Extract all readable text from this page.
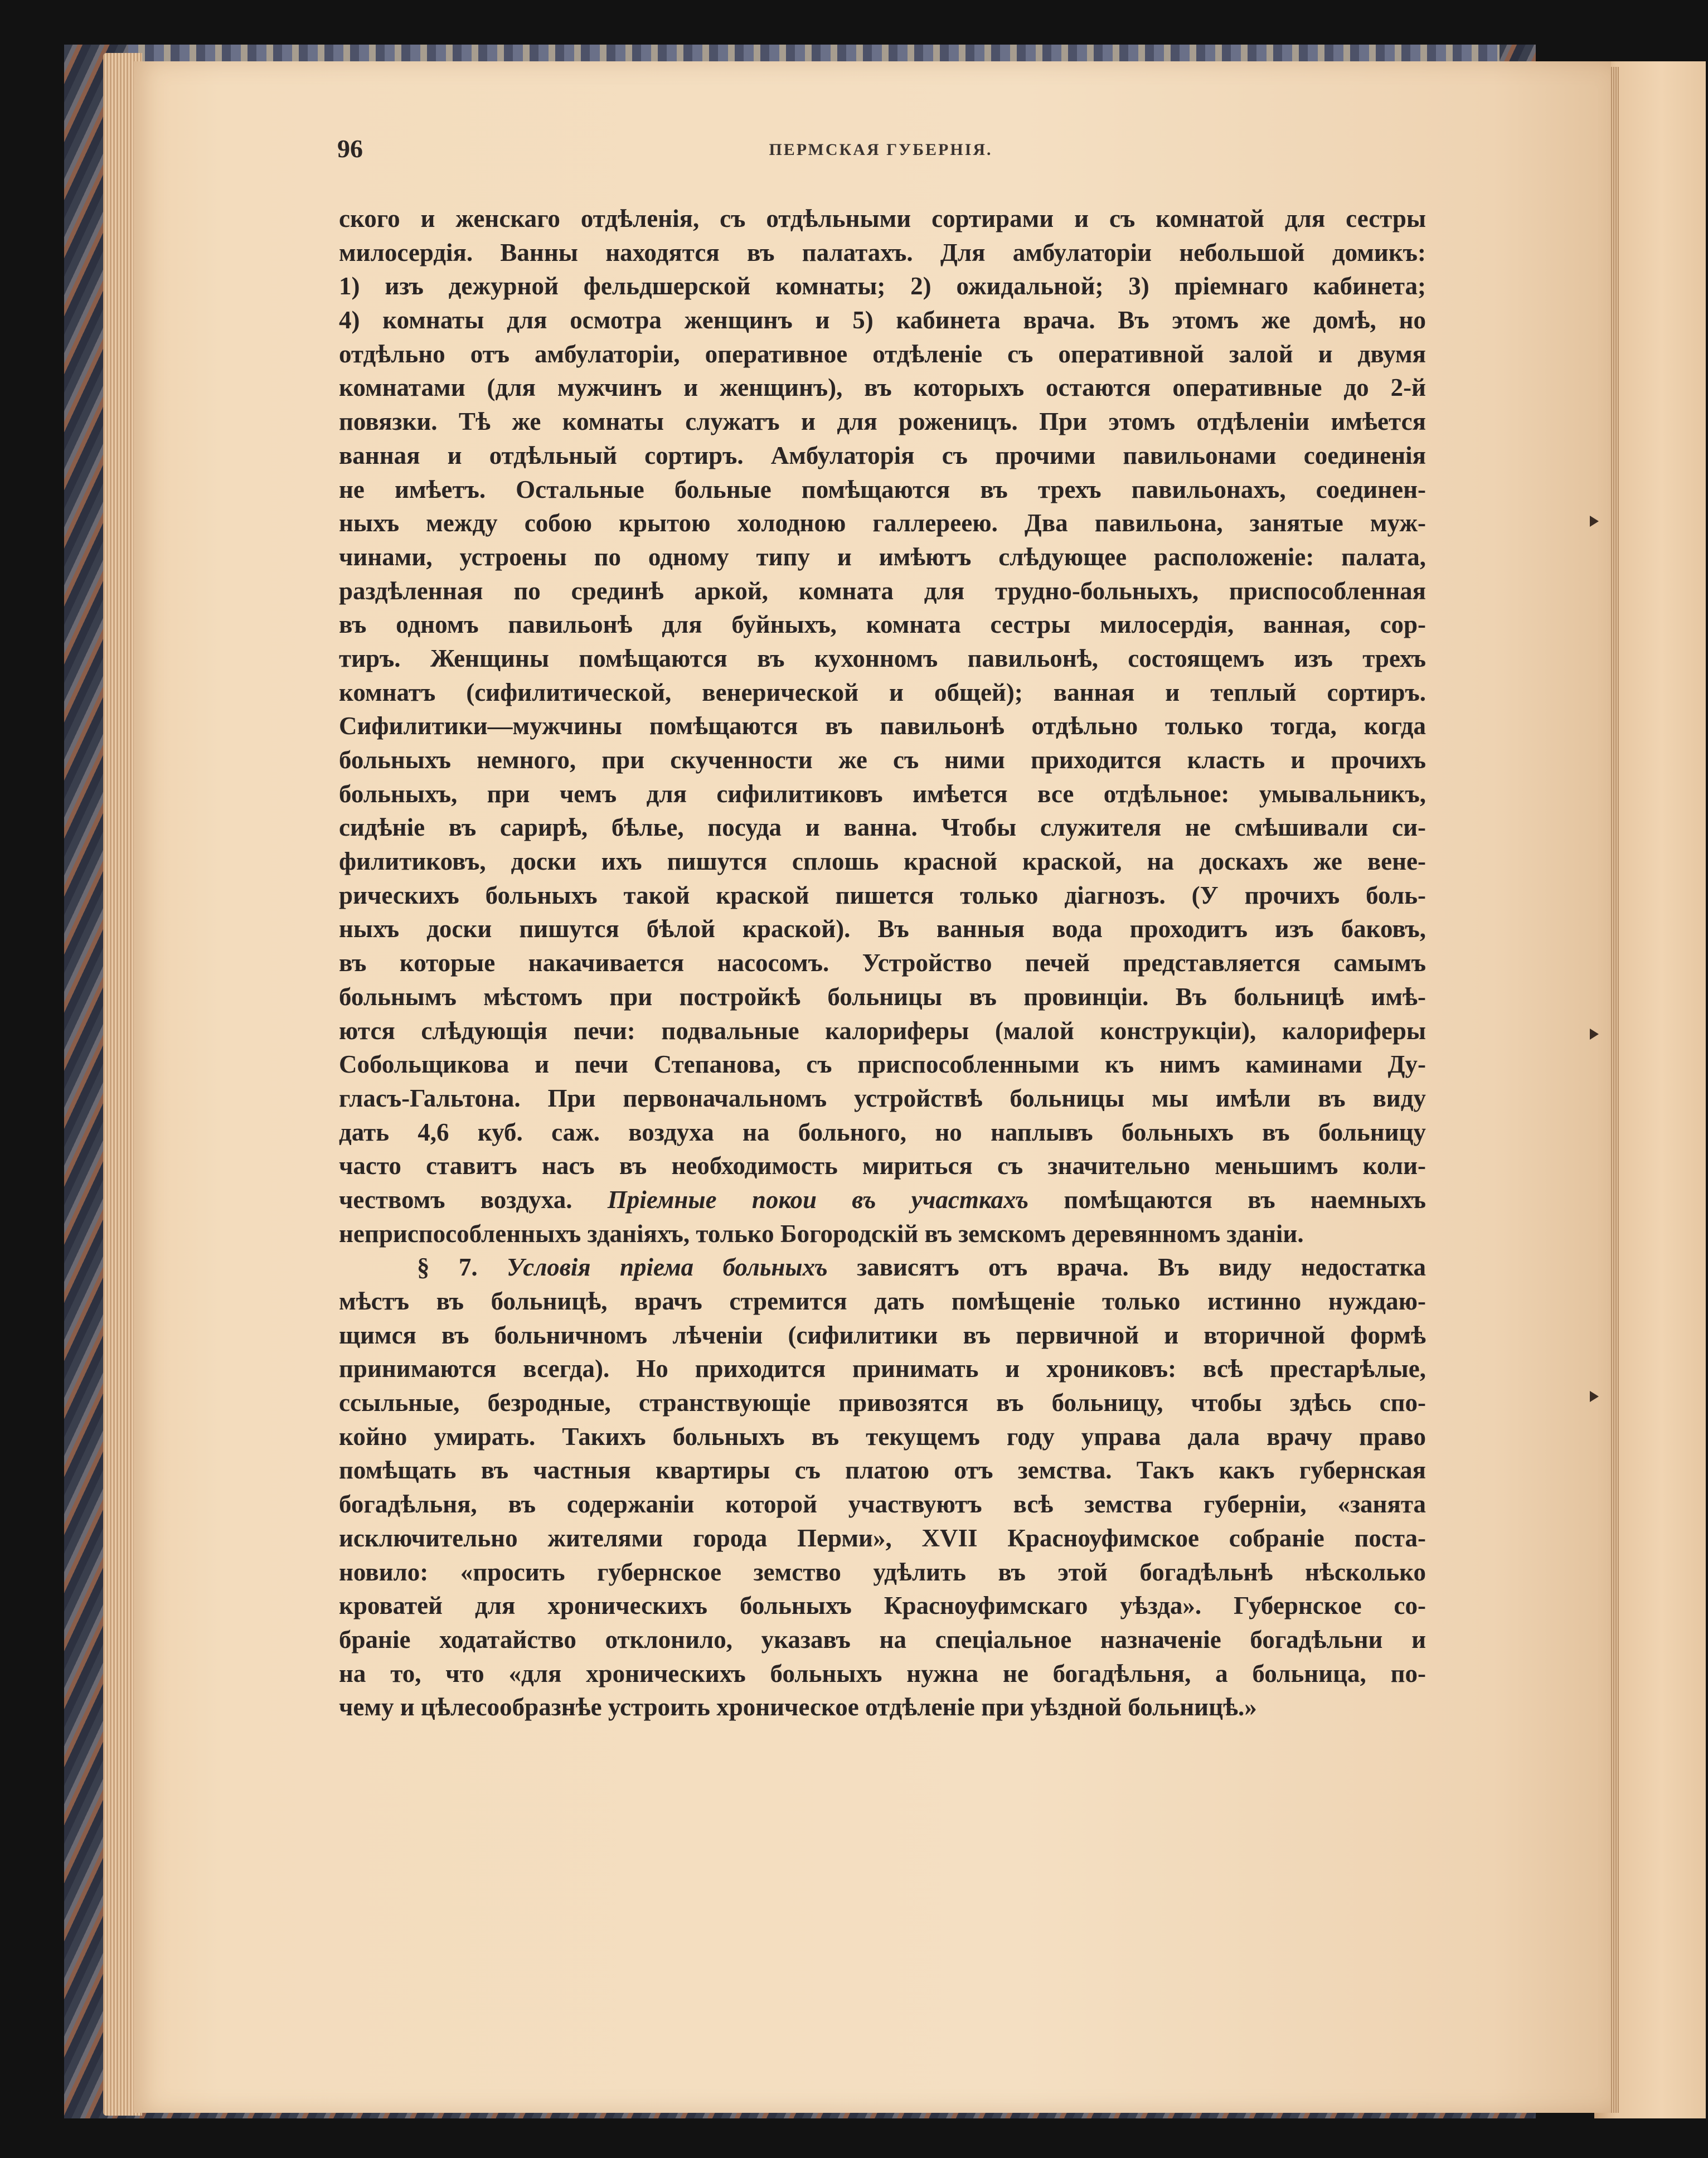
96	ПЕРМСКАЯ ГУБЕРНІЯ.
ского и женскаго отдѣленія, съ отдѣльными сортирами и съ комнатой для сестры
милосердія. Ванны находятся въ палатахъ. Для амбулаторіи небольшой домикъ:
1) изъ дежурной фельдшерской комнаты; 2) ожидальной; 3) пріемнаго кабинета;
4) комнаты для осмотра женщинъ и 5) кабинета врача. Въ этомъ же домѣ, но
отдѣльно отъ амбулаторіи, оперативное отдѣленіе съ оперативной залой и двумя
комнатами (для мужчинъ и женщинъ), въ которыхъ остаются оперативные до 2-й
повязки. Тѣ же комнаты служатъ и для роженицъ. При этомъ отдѣленіи имѣется
ванная и отдѣльный сортиръ. Амбулаторія съ прочими павильонами соединенія
не имѣетъ. Остальные больные помѣщаются въ трехъ павильонахъ, соединен-
ныхъ между собою крытою холодною галлереею. Два павильона, занятые муж-
чинами, устроены по одному типу и имѣютъ слѣдующее расположеніе: палата,
раздѣленная по срединѣ аркой, комната для трудно-больныхъ, приспособленная
въ одномъ павильонѣ для буйныхъ, комната сестры милосердія, ванная, сор-
тиръ. Женщины помѣщаются въ кухонномъ павильонѣ, состоящемъ изъ трехъ
комнатъ (сифилитической, венерической и общей); ванная и теплый сортиръ.
Сифилитики—мужчины помѣщаются въ павильонѣ отдѣльно только тогда, когда
больныхъ немного, при скученности же съ ними приходится класть и прочихъ
больныхъ, при чемъ для сифилитиковъ имѣется все отдѣльное: умывальникъ,
сидѣніе въ сарирѣ, бѣлье, посуда и ванна. Чтобы служителя не смѣшивали си-
филитиковъ, доски ихъ пишутся сплошь красной краской, на доскахъ же вене-
рическихъ больныхъ такой краской пишется только діагнозъ. (У прочихъ боль-
ныхъ доски пишутся бѣлой краской). Въ ванныя вода проходитъ изъ баковъ,
въ которые накачивается насосомъ. Устройство печей представляется самымъ
больнымъ мѣстомъ при постройкѣ больницы въ провинціи. Въ больницѣ имѣ-
ются слѣдующія печи: подвальные калориферы (малой конструкціи), калориферы
Собольщикова и печи Степанова, съ приспособленными къ нимъ каминами Ду-
гласъ-Гальтона. При первоначальномъ устройствѣ больницы мы имѣли въ виду
дать 4,6 куб. саж. воздуха на больного, но наплывъ больныхъ въ больницу
часто ставитъ насъ въ необходимость мириться съ значительно меньшимъ коли-
чествомъ воздуха. Пріемные покои въ участкахъ помѣщаются въ наемныхъ
неприспособленныхъ зданіяхъ, только Богородскій въ земскомъ деревянномъ зданіи.
§ 7. Условія пріема больныхъ зависятъ отъ врача. Въ виду недостатка
мѣстъ въ больницѣ, врачъ стремится дать помѣщеніе только истинно нуждаю-
щимся въ больничномъ лѣченіи (сифилитики въ первичной и вторичной формѣ
принимаются всегда). Но приходится принимать и хрониковъ: всѣ престарѣлые,
ссыльные, безродные, странствующіе привозятся въ больницу, чтобы здѣсь спо-
койно умирать. Такихъ больныхъ въ текущемъ году управа дала врачу право
помѣщать въ частныя квартиры съ платою отъ земства. Такъ какъ губернская
богадѣльня, въ содержаніи которой участвуютъ всѣ земства губерніи, «занята
исключительно жителями города Перми», XVII Красноуфимское собраніе поста-
новило: «просить губернское земство удѣлить въ этой богадѣльнѣ нѣсколько
кроватей для хроническихъ больныхъ Красноуфимскаго уѣзда». Губернское со-
браніе ходатайство отклонило, указавъ на спеціальное назначеніе богадѣльни и
на то, что «для хроническихъ больныхъ нужна не богадѣльня, а больница, по-
чему и цѣлесообразнѣе устроить хроническое отдѣленіе при уѣздной больницѣ.»
